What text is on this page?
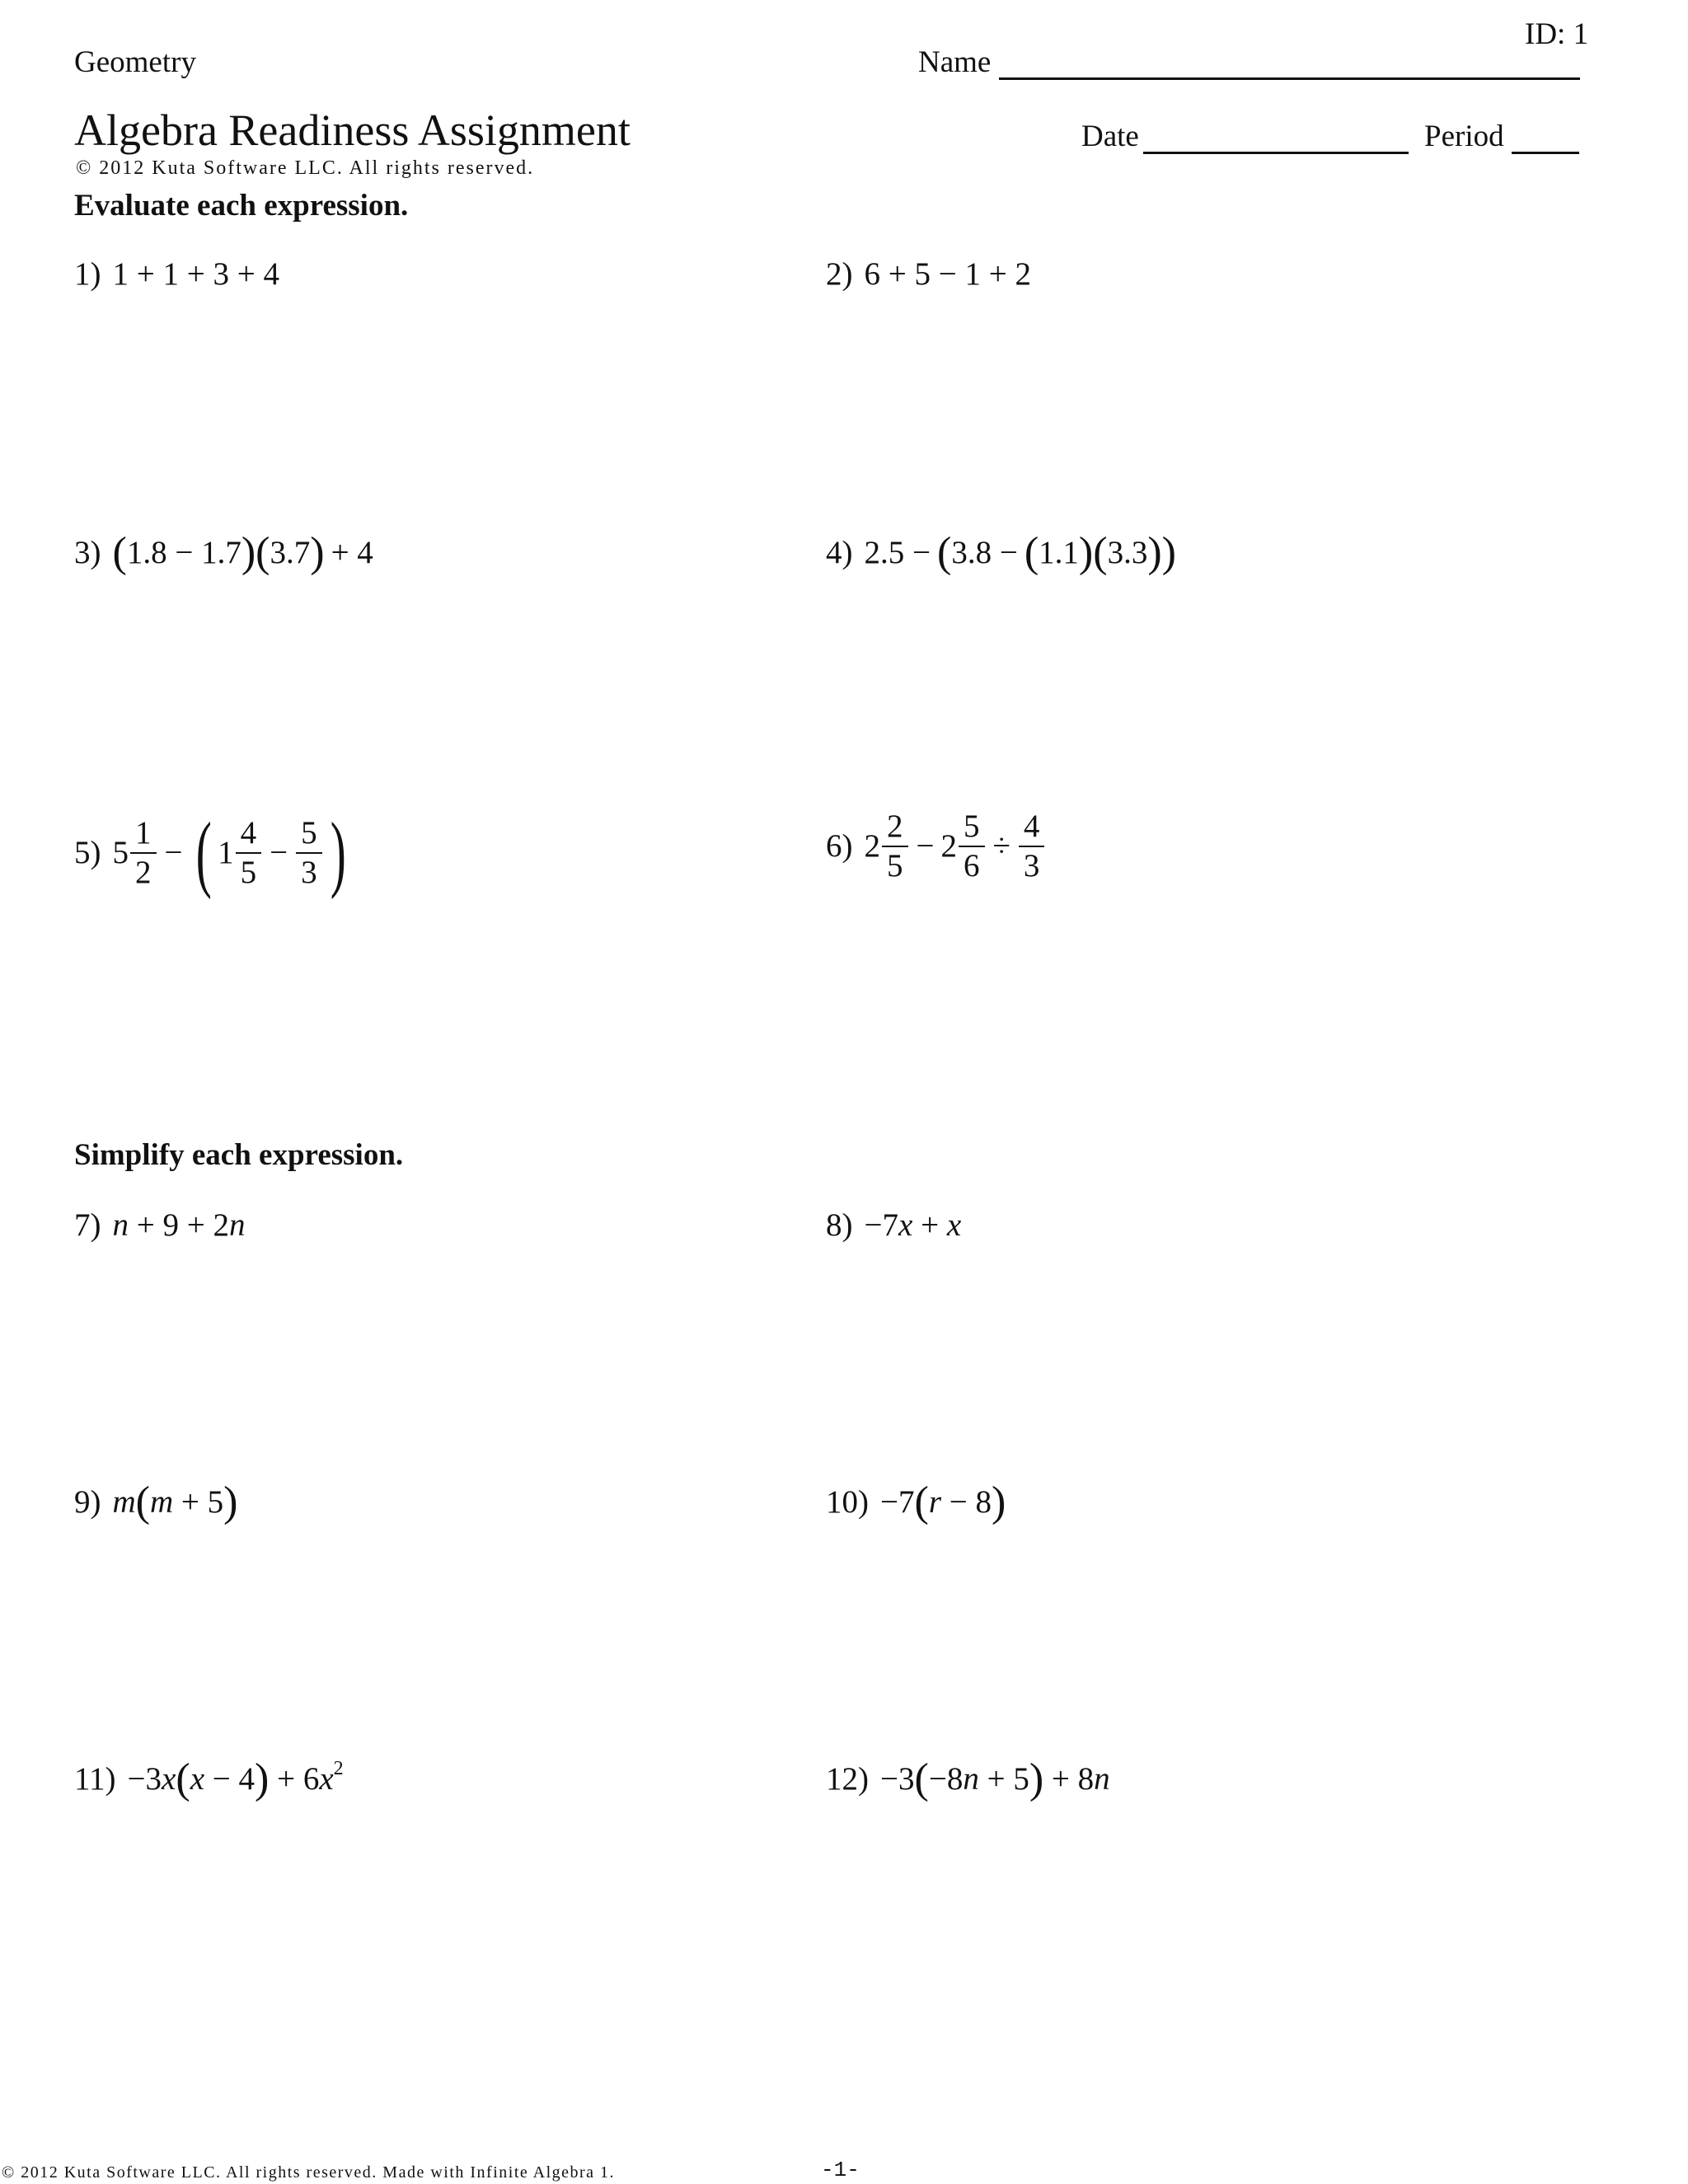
ID: 1
Geometry	Name
Algebra Readiness Assignment
© 2012 Kuta Software LLC. All rights reserved.
Date	Period
Evaluate each expression.
1) 1 + 1 + 3 + 4	2) 6 + 5 − 1 + 2
3) (1.8 − 1.7)(3.7) + 4	4) 2.5 − (3.8 − (1.1)(3.3))
5) $5 \frac{1}{2}$ − ( $1 \frac{4}{5} - \frac{5}{3}$ )	6) $2 \frac{2}{5} - 2 \frac{5}{6} \div \frac{4}{3}$
Simplify each expression.
7) n + 9 + 2n	8) −7x + x
9) m(m + 5)	10) −7(r − 8)
$11) -3x(x - 4) + 6x^2$	12) −3(−8n + 5) + 8n
© 2012 Kuta Software LLC. All rights reserved. Made with Infinite Algebra 1.	-1-
